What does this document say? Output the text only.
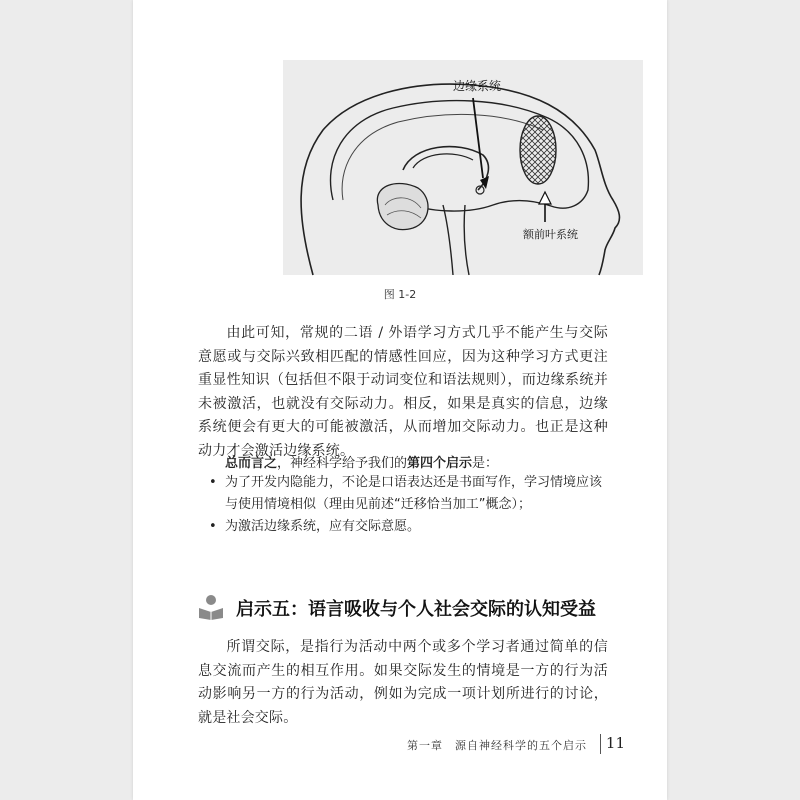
边缘系统
额前叶系统
图 1-2

由此可知，常规的二语 / 外语学习方式几乎不能产生与交际意愿或与交际兴致相匹配的情感性回应，因为这种学习方式更注重显性知识（包括但不限于动词变位和语法规则），而边缘系统并未被激活，也就没有交际动力。相反，如果是真实的信息，边缘系统便会有更大的可能被激活，从而增加交际动力。也正是这种动力才会激活边缘系统。

总而言之，神经科学给予我们的第四个启示是：
• 为了开发内隐能力，不论是口语表达还是书面写作，学习情境应该与使用情境相似（理由见前述“迁移恰当加工”概念）；
• 为激活边缘系统，应有交际意愿。
启示五：语言吸收与个人社会交际的认知受益

所谓交际，是指行为活动中两个或多个学习者通过简单的信息交流而产生的相互作用。如果交际发生的情境是一方的行为活动影响另一方的行为活动，例如为完成一项计划所进行的讨论，就是社会交际。

第一章　源自神经科学的五个启示 11
